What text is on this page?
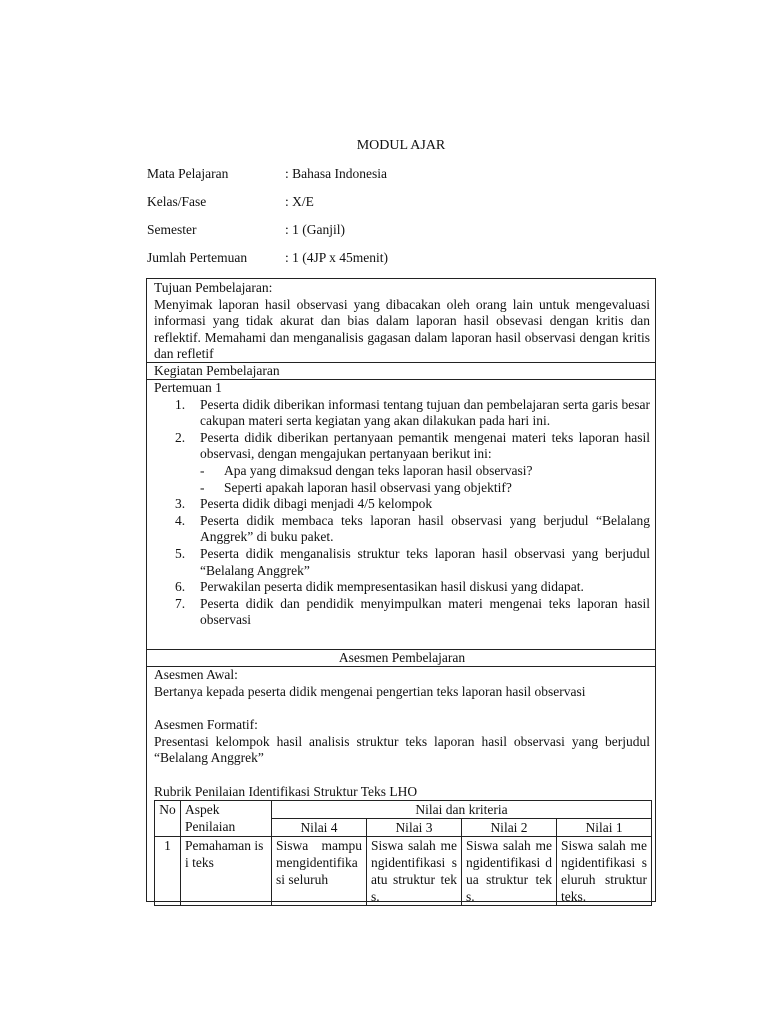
MODUL AJAR
Mata Pelajaran	: Bahasa Indonesia
Kelas/Fase	: X/E
Semester	: 1 (Ganjil)
Jumlah Pertemuan	: 1 (4JP x 45menit)
Tujuan Pembelajaran:
Menyimak laporan hasil observasi yang dibacakan oleh orang lain untuk mengevaluasi informasi yang tidak akurat dan bias dalam laporan hasil obsevasi dengan kritis dan reflektif. Memahami dan menganalisis gagasan dalam laporan hasil observasi dengan kritis dan refletif
Kegiatan Pembelajaran
Pertemuan 1
1. Peserta didik diberikan informasi tentang tujuan dan pembelajaran serta garis besar cakupan materi serta kegiatan yang akan dilakukan pada hari ini.
2. Peserta didik diberikan pertanyaan pemantik mengenai materi teks laporan hasil observasi, dengan mengajukan pertanyaan berikut ini:
- Apa yang dimaksud dengan teks laporan hasil observasi?
- Seperti apakah laporan hasil observasi yang objektif?
3. Peserta didik dibagi menjadi 4/5 kelompok
4. Peserta didik membaca teks laporan hasil observasi yang berjudul “Belalang Anggrek” di buku paket.
5. Peserta didik menganalisis struktur teks laporan hasil observasi yang berjudul “Belalang Anggrek”
6. Perwakilan peserta didik mempresentasikan hasil diskusi yang didapat.
7. Peserta didik dan pendidik menyimpulkan materi mengenai teks laporan hasil observasi
Asesmen Pembelajaran
Asesmen Awal:
Bertanya kepada peserta didik mengenai pengertian teks laporan hasil observasi
Asesmen Formatif:
Presentasi kelompok hasil analisis struktur teks laporan hasil observasi yang berjudul “Belalang Anggrek”
Rubrik Penilaian Identifikasi Struktur Teks LHO
No	Aspek Penilaian	Nilai dan kriteria			
		Nilai 4	Nilai 3	Nilai 2	Nilai 1
1	Pemahaman isi teks	Siswa mampu mengidentifikasi seluruh	Siswa salah mengidentifikasi satu struktur teks.	Siswa salah mengidentifikasi dua struktur teks.	Siswa salah mengidentifikasi seluruh struktur teks.
